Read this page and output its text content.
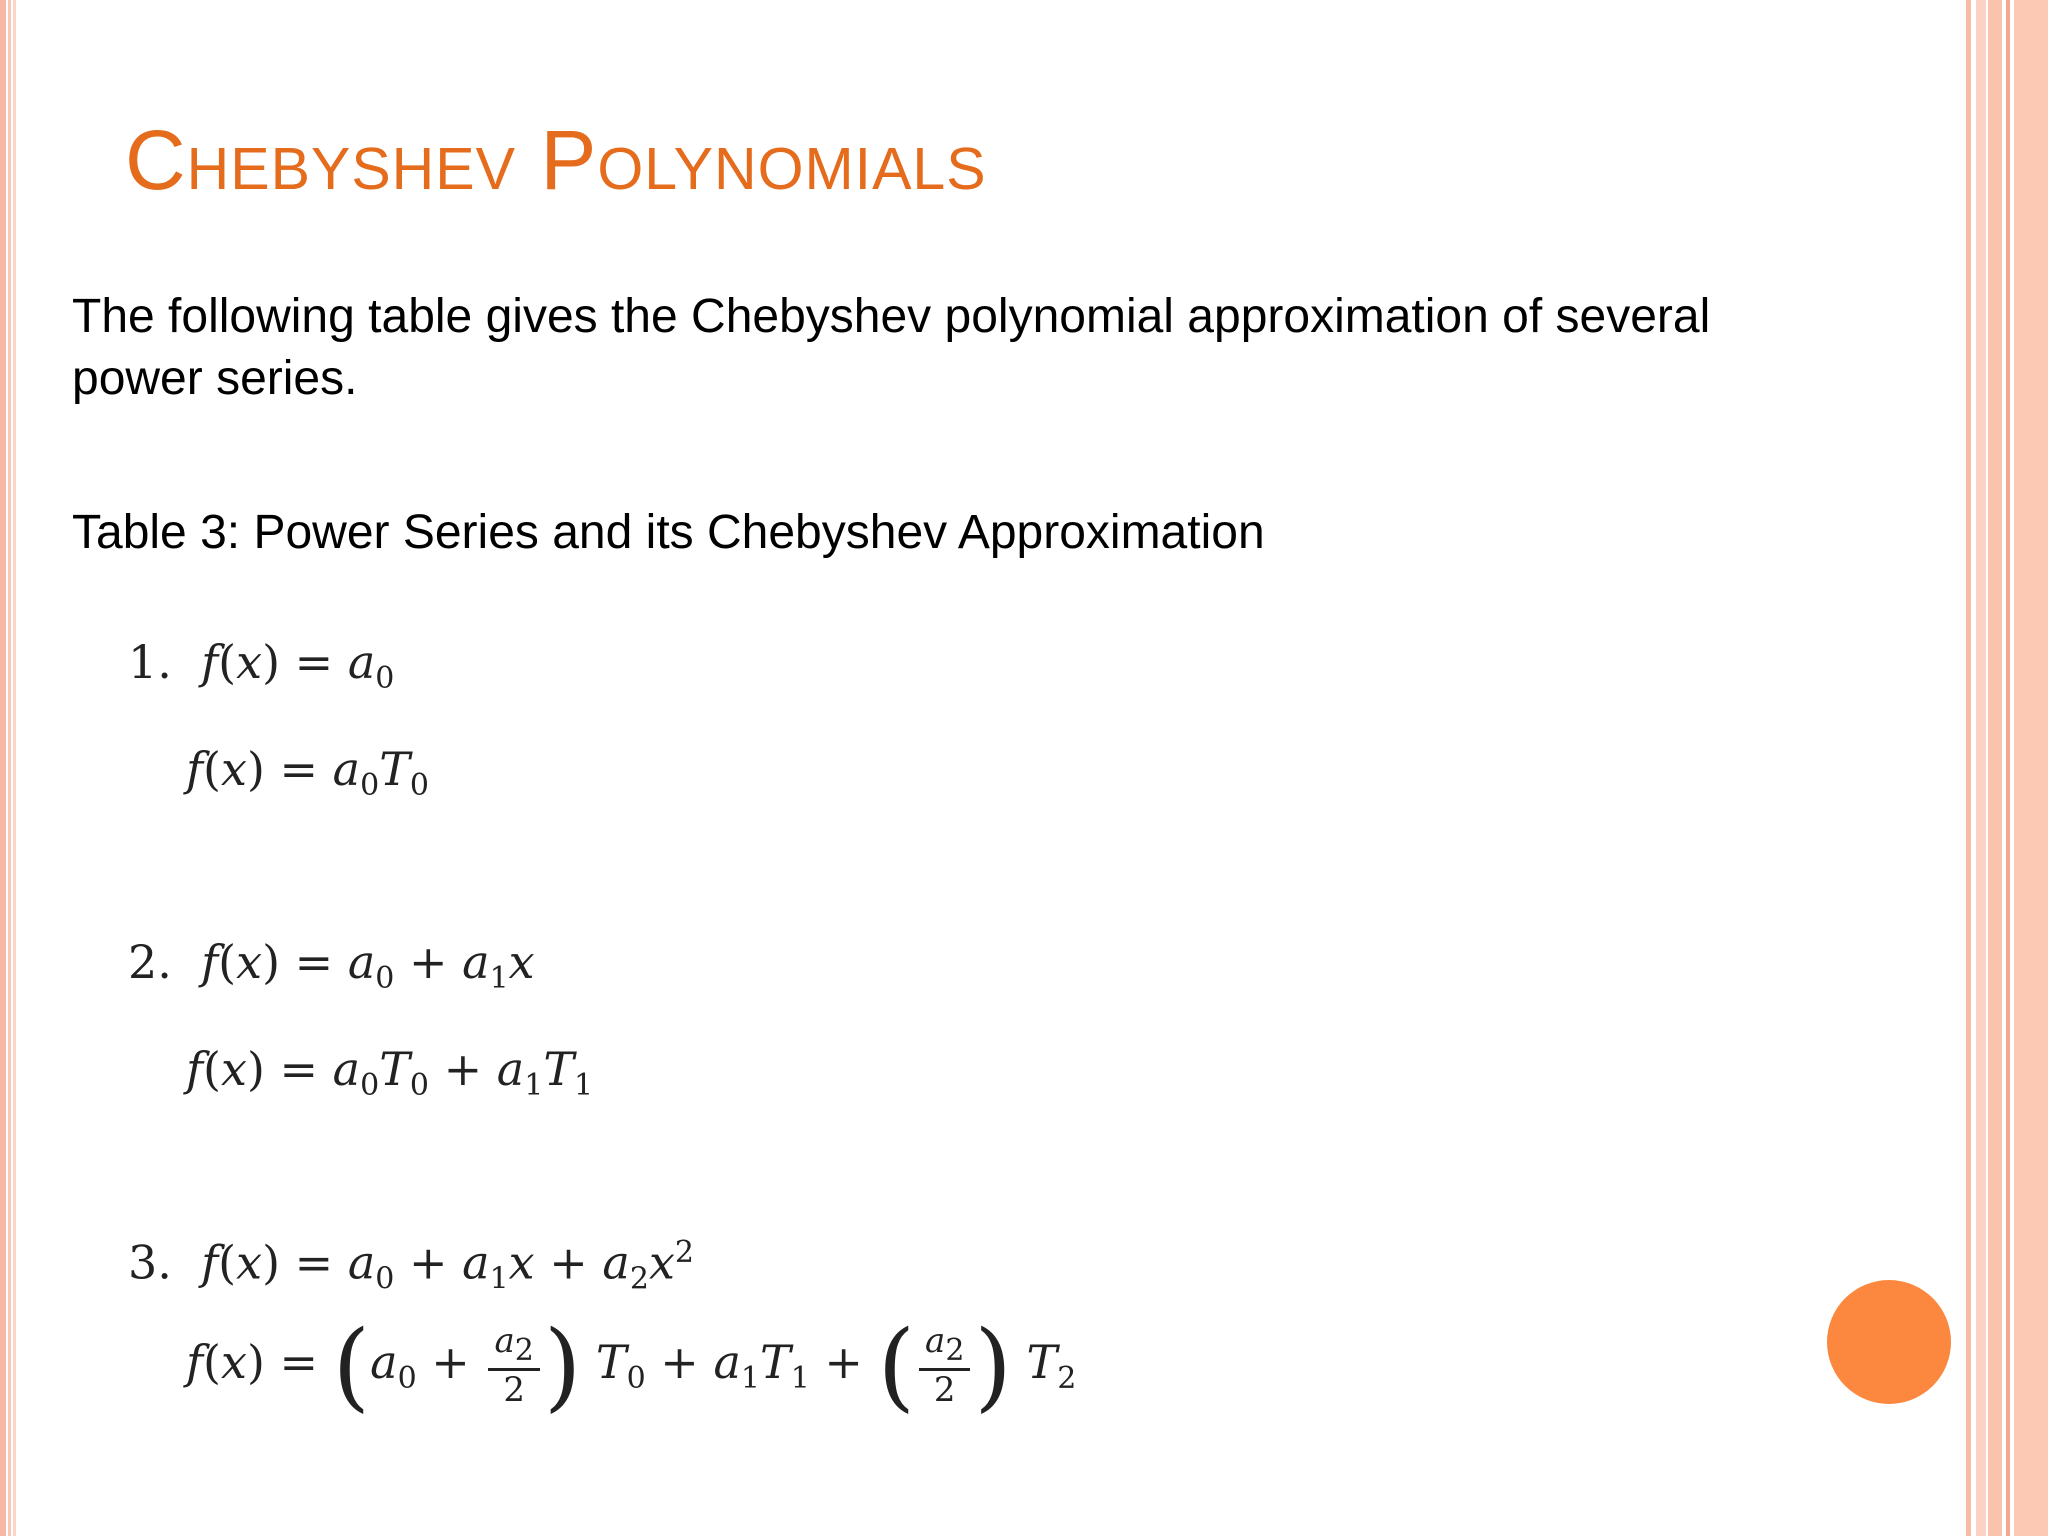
Chebyshev Polynomials
The following table gives the Chebyshev polynomial approximation of several power series.
Table 3: Power Series and its Chebyshev Approximation
1. $f(x) = a_0$
$f(x) = a_0T_0$
2. $f(x) = a_0 + a_1x$
$f(x) = a_0T_0 + a_1T_1$
3. $f(x) = a_0 + a_1x + a_2x^2$
$f(x) = (a_0 + \frac{a_2}{2}$ ) $T_0 + a_1T_1$ + ( $\frac{a_2}{2}$ ) $T_2$
